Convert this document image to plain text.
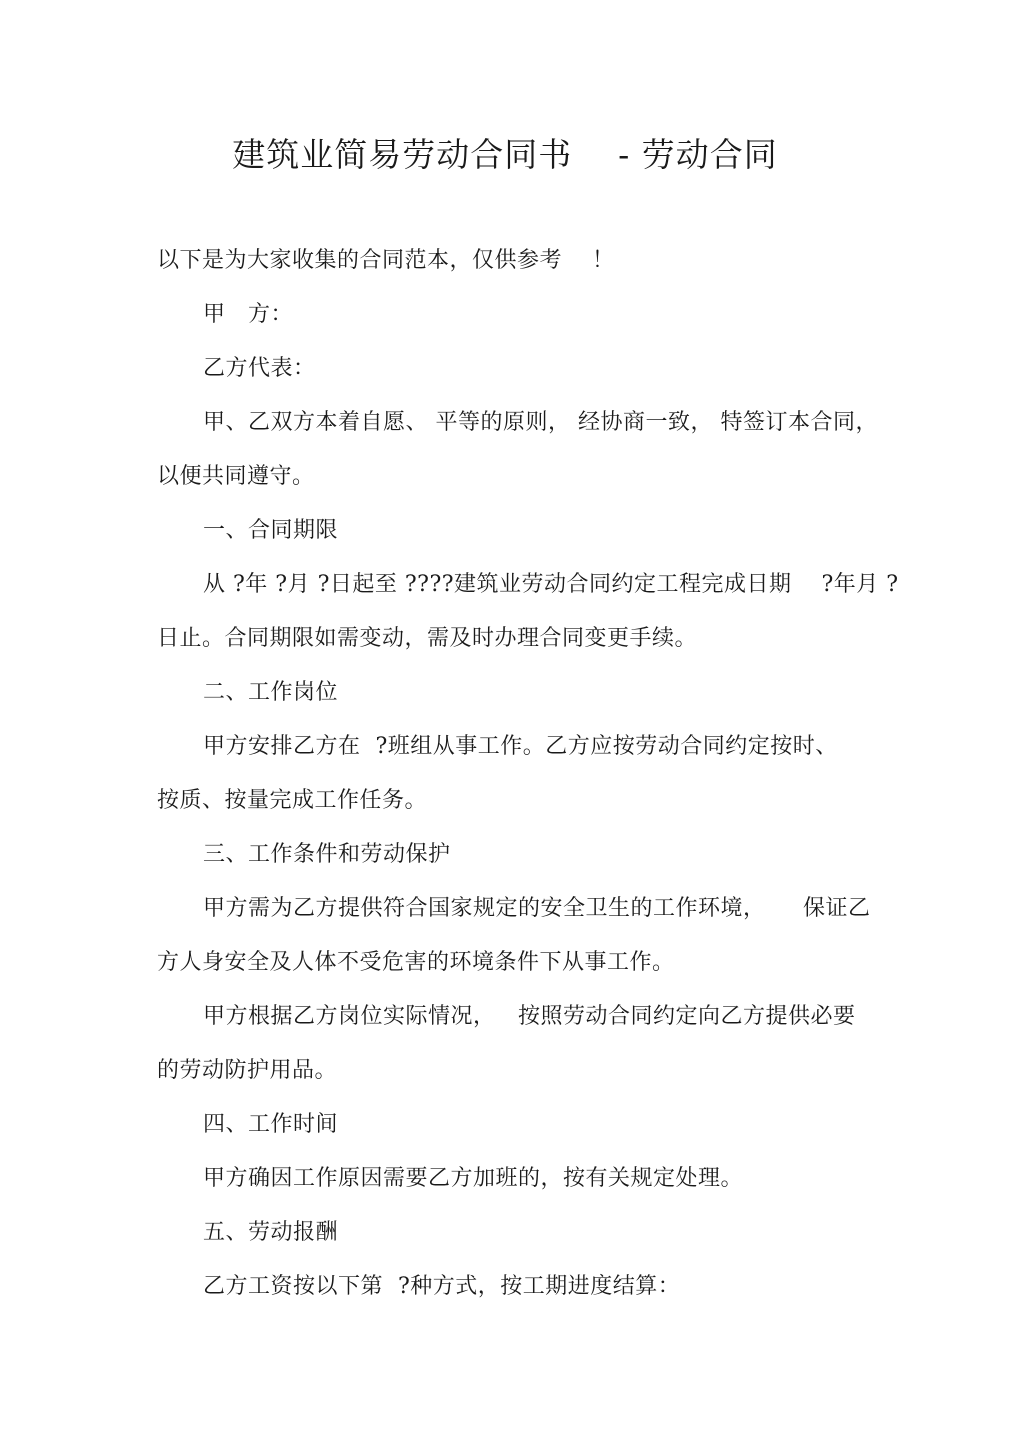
建筑业简易劳动合同书    - 劳动合同
以下是为大家收集的合同范本，仅供参考    ！
甲   方：
乙方代表：
甲、乙双方本着自愿、 平等的原则， 经协商一致， 特签订本合同，
以便共同遵守。
一、合同期限
从 ?年 ?月 ?日起至 ????建筑业劳动合同约定工程完成日期    ?年月 ?
日止。合同期限如需变动，需及时办理合同变更手续。
二、工作岗位
甲方安排乙方在  ?班组从事工作。乙方应按劳动合同约定按时、
按质、按量完成工作任务。
三、工作条件和劳动保护
甲方需为乙方提供符合国家规定的安全卫生的工作环境，     保证乙
方人身安全及人体不受危害的环境条件下从事工作。
甲方根据乙方岗位实际情况，   按照劳动合同约定向乙方提供必要
的劳动防护用品。
四、工作时间
甲方确因工作原因需要乙方加班的，按有关规定处理。
五、劳动报酬
乙方工资按以下第  ?种方式，按工期进度结算：
